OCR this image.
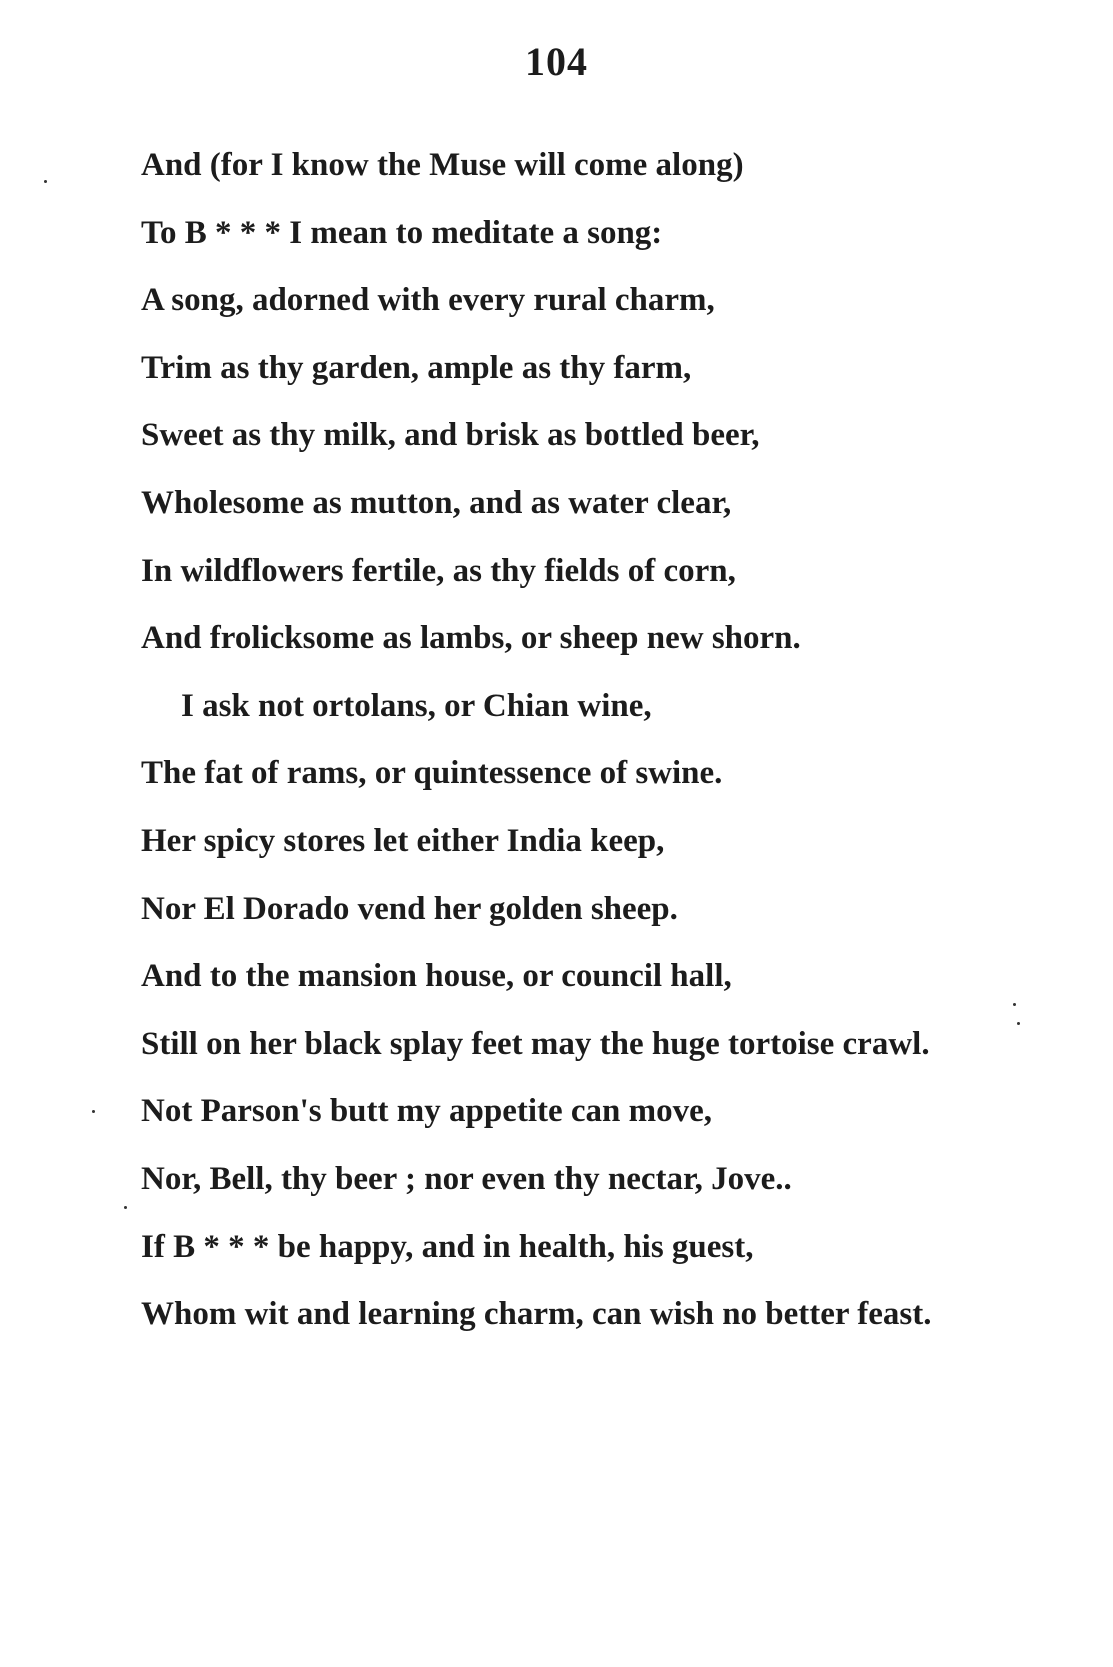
104
And (for I know the Muse will come along)
To B * * * I mean to meditate a song:
A song, adorned with every rural charm,
Trim as thy garden, ample as thy farm,
Sweet as thy milk, and brisk as bottled beer,
Wholesome as mutton, and as water clear,
In wildflowers fertile, as thy fields of corn,
And frolicksome as lambs, or sheep new shorn.
I ask not ortolans, or Chian wine,
The fat of rams, or quintessence of swine.
Her spicy stores let either India keep,
Nor El Dorado vend her golden sheep.
And to the mansion house, or council hall,
Still on her black splay feet may the huge tortoise crawl.
Not Parson's butt my appetite can move,
Nor, Bell, thy beer ; nor even thy nectar, Jove..
If B * * * be happy, and in health, his guest,
Whom wit and learning charm, can wish no better feast.
